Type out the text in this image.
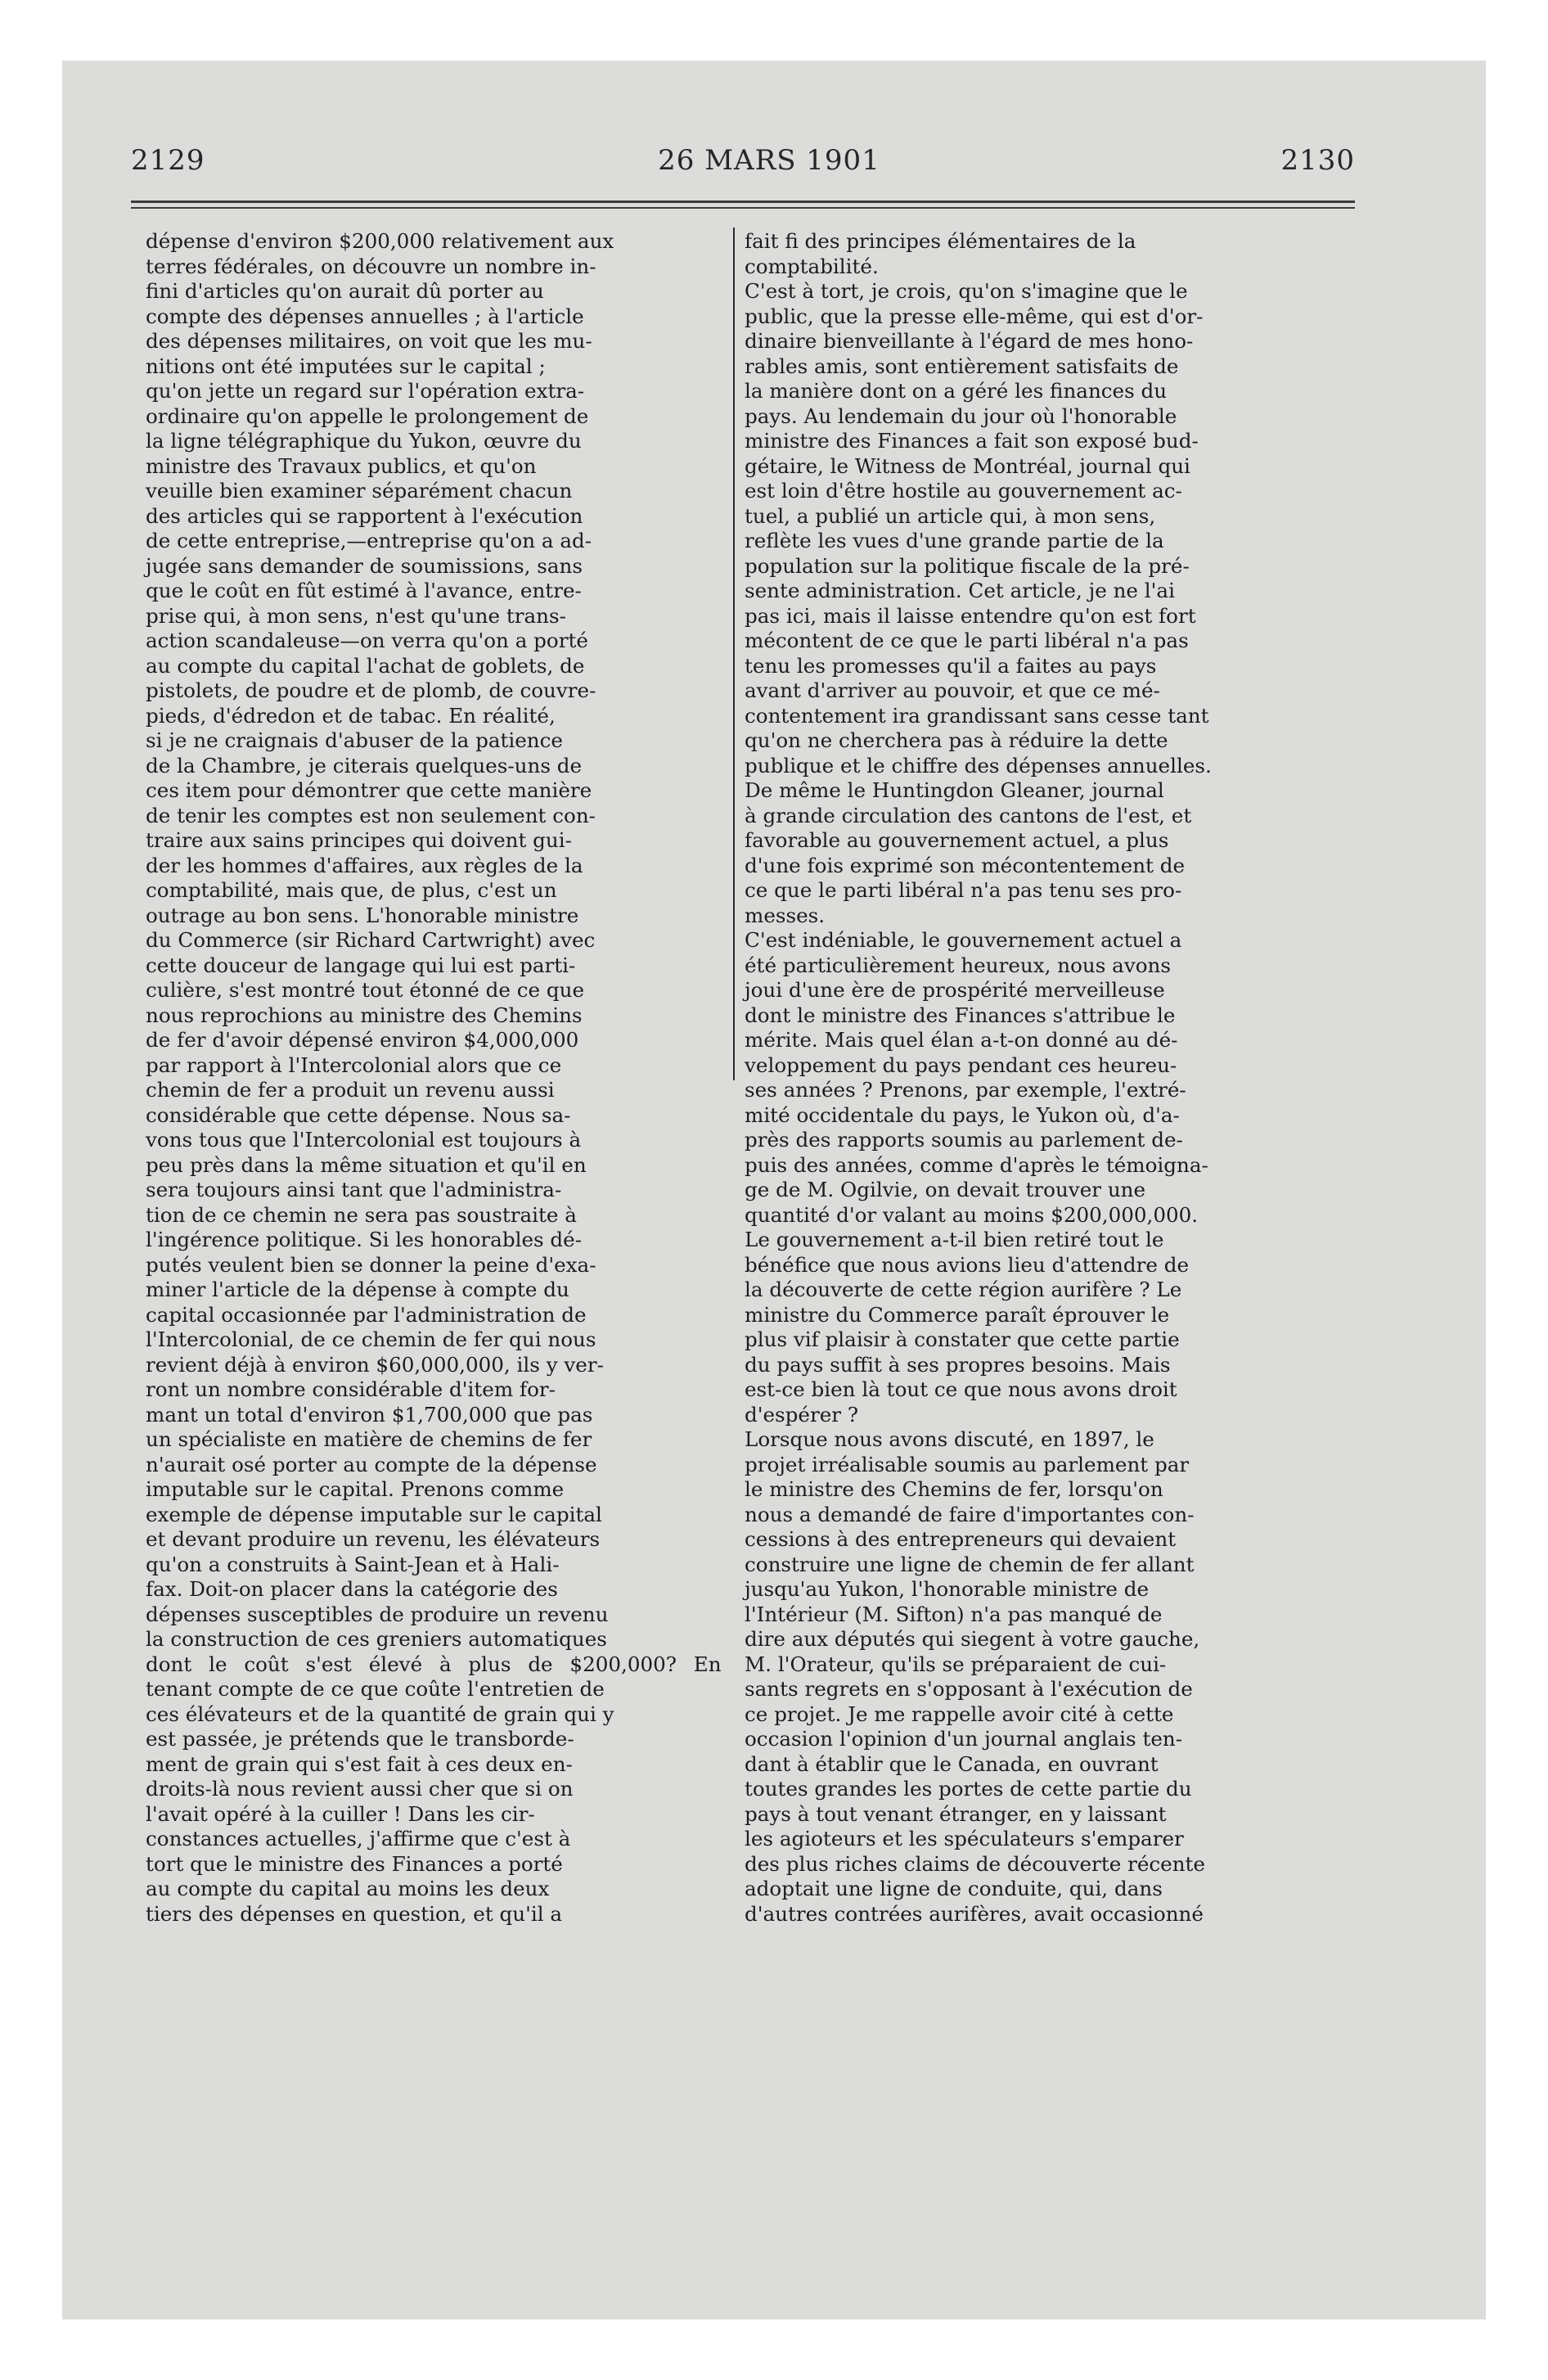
2129	26 MARS 1901	2130
dépense d'environ $200,000 relativement aux
terres fédérales, on découvre un nombre in-
fini d'articles qu'on aurait dû porter au
compte des dépenses annuelles ; à l'article
des dépenses militaires, on voit que les mu-
nitions ont été imputées sur le capital ;
qu'on jette un regard sur l'opération extra-
ordinaire qu'on appelle le prolongement de
la ligne télégraphique du Yukon, œuvre du
ministre des Travaux publics, et qu'on
veuille bien examiner séparément chacun
des articles qui se rapportent à l'exécution
de cette entreprise,—entreprise qu'on a ad-
jugée sans demander de soumissions, sans
que le coût en fût estimé à l'avance, entre-
prise qui, à mon sens, n'est qu'une trans-
action scandaleuse—on verra qu'on a porté
au compte du capital l'achat de goblets, de
pistolets, de poudre et de plomb, de couvre-
pieds, d'édredon et de tabac. En réalité,
si je ne craignais d'abuser de la patience
de la Chambre, je citerais quelques-uns de
ces item pour démontrer que cette manière
de tenir les comptes est non seulement con-
traire aux sains principes qui doivent gui-
der les hommes d'affaires, aux règles de la
comptabilité, mais que, de plus, c'est un
outrage au bon sens. L'honorable ministre
du Commerce (sir Richard Cartwright) avec
cette douceur de langage qui lui est parti-
culière, s'est montré tout étonné de ce que
nous reprochions au ministre des Chemins
de fer d'avoir dépensé environ $4,000,000
par rapport à l'Intercolonial alors que ce
chemin de fer a produit un revenu aussi
considérable que cette dépense. Nous sa-
vons tous que l'Intercolonial est toujours à
peu près dans la même situation et qu'il en
sera toujours ainsi tant que l'administra-
tion de ce chemin ne sera pas soustraite à
l'ingérence politique. Si les honorables dé-
putés veulent bien se donner la peine d'exa-
miner l'article de la dépense à compte du
capital occasionnée par l'administration de
l'Intercolonial, de ce chemin de fer qui nous
revient déjà à environ $60,000,000, ils y ver-
ront un nombre considérable d'item for-
mant un total d'environ $1,700,000 que pas
un spécialiste en matière de chemins de fer
n'aurait osé porter au compte de la dépense
imputable sur le capital. Prenons comme
exemple de dépense imputable sur le capital
et devant produire un revenu, les élévateurs
qu'on a construits à Saint-Jean et à Hali-
fax. Doit-on placer dans la catégorie des
dépenses susceptibles de produire un revenu
la construction de ces greniers automatiques
dont le coût s'est élevé à plus de $200,000? En
tenant compte de ce que coûte l'entretien de
ces élévateurs et de la quantité de grain qui y
est passée, je prétends que le transborde-
ment de grain qui s'est fait à ces deux en-
droits-là nous revient aussi cher que si on
l'avait opéré à la cuiller ! Dans les cir-
constances actuelles, j'affirme que c'est à
tort que le ministre des Finances a porté
au compte du capital au moins les deux
tiers des dépenses en question, et qu'il a
fait fi des principes élémentaires de la
comptabilité.
C'est à tort, je crois, qu'on s'imagine que le
public, que la presse elle-même, qui est d'or-
dinaire bienveillante à l'égard de mes hono-
rables amis, sont entièrement satisfaits de
la manière dont on a géré les finances du
pays. Au lendemain du jour où l'honorable
ministre des Finances a fait son exposé bud-
gétaire, le Witness de Montréal, journal qui
est loin d'être hostile au gouvernement ac-
tuel, a publié un article qui, à mon sens,
reflète les vues d'une grande partie de la
population sur la politique fiscale de la pré-
sente administration. Cet article, je ne l'ai
pas ici, mais il laisse entendre qu'on est fort
mécontent de ce que le parti libéral n'a pas
tenu les promesses qu'il a faites au pays
avant d'arriver au pouvoir, et que ce mé-
contentement ira grandissant sans cesse tant
qu'on ne cherchera pas à réduire la dette
publique et le chiffre des dépenses annuelles.
De même le Huntingdon Gleaner, journal
à grande circulation des cantons de l'est, et
favorable au gouvernement actuel, a plus
d'une fois exprimé son mécontentement de
ce que le parti libéral n'a pas tenu ses pro-
messes.
C'est indéniable, le gouvernement actuel a
été particulièrement heureux, nous avons
joui d'une ère de prospérité merveilleuse
dont le ministre des Finances s'attribue le
mérite. Mais quel élan a-t-on donné au dé-
veloppement du pays pendant ces heureu-
ses années ? Prenons, par exemple, l'extré-
mité occidentale du pays, le Yukon où, d'a-
près des rapports soumis au parlement de-
puis des années, comme d'après le témoigna-
ge de M. Ogilvie, on devait trouver une
quantité d'or valant au moins $200,000,000.
Le gouvernement a-t-il bien retiré tout le
bénéfice que nous avions lieu d'attendre de
la découverte de cette région aurifère ? Le
ministre du Commerce paraît éprouver le
plus vif plaisir à constater que cette partie
du pays suffit à ses propres besoins. Mais
est-ce bien là tout ce que nous avons droit
d'espérer ?
Lorsque nous avons discuté, en 1897, le
projet irréalisable soumis au parlement par
le ministre des Chemins de fer, lorsqu'on
nous a demandé de faire d'importantes con-
cessions à des entrepreneurs qui devaient
construire une ligne de chemin de fer allant
jusqu'au Yukon, l'honorable ministre de
l'Intérieur (M. Sifton) n'a pas manqué de
dire aux députés qui siegent à votre gauche,
M. l'Orateur, qu'ils se préparaient de cui-
sants regrets en s'opposant à l'exécution de
ce projet. Je me rappelle avoir cité à cette
occasion l'opinion d'un journal anglais ten-
dant à établir que le Canada, en ouvrant
toutes grandes les portes de cette partie du
pays à tout venant étranger, en y laissant
les agioteurs et les spéculateurs s'emparer
des plus riches claims de découverte récente
adoptait une ligne de conduite, qui, dans
d'autres contrées aurifères, avait occasionné
